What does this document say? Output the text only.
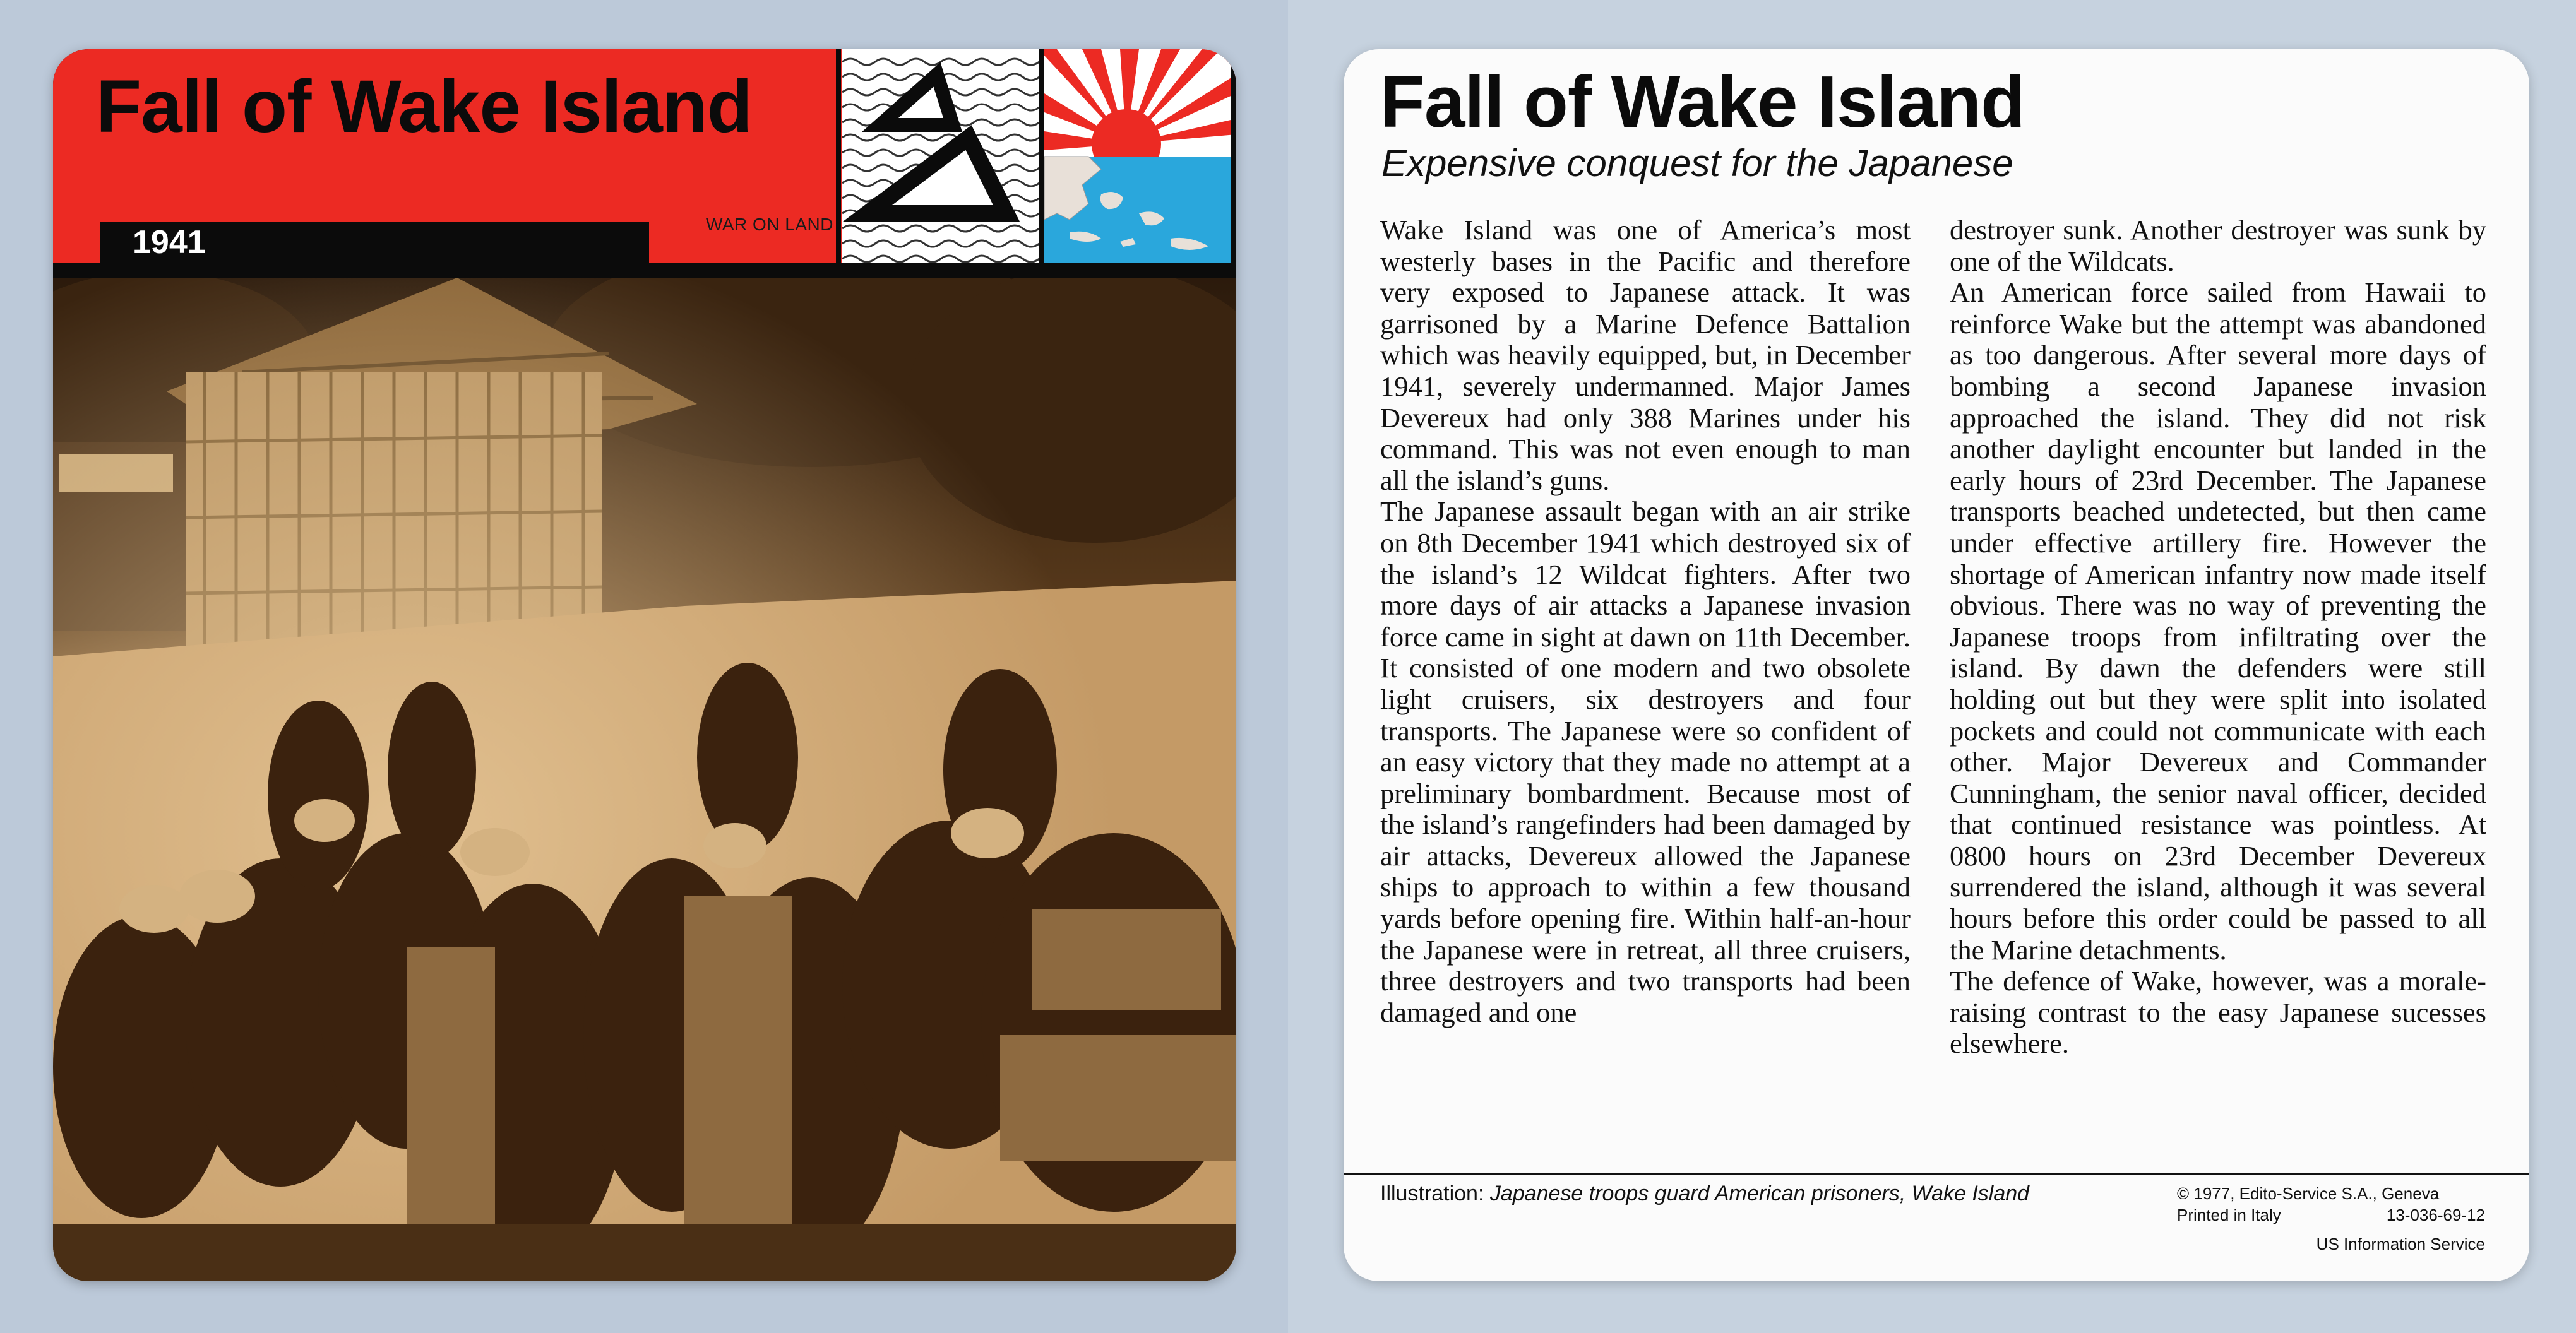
Fall of Wake Island
1941	WAR ON LAND
Fall of Wake Island
Expensive conquest for the Japanese

Wake Island was one of America’s most westerly bases in the Pacific and therefore very exposed to Japanese attack. It was garrisoned by a Marine Defence Battalion which was heavily equipped, but, in December 1941, severely undermanned. Major James Devereux had only 388 Marines under his command. This was not even enough to man all the island’s guns.

The Japanese assault began with an air strike on 8th December 1941 which destroyed six of the island’s 12 Wildcat fighters. After two more days of air attacks a Japanese invasion force came in sight at dawn on 11th December. It consisted of one modern and two obsolete light cruisers, six destroyers and four transports. The Japanese were so confident of an easy victory that they made no attempt at a preliminary bombardment. Because most of the island’s rangefinders had been damaged by air attacks, Devereux allowed the Japanese ships to approach to within a few thousand yards before opening fire. Within half-an-hour the Japanese were in retreat, all three cruisers, three destroyers and two transports had been damaged and one

destroyer sunk. Another destroyer was sunk by one of the Wildcats.

An American force sailed from Hawaii to reinforce Wake but the attempt was abandoned as too dangerous. After several more days of bombing a second Japanese invasion approached the island. They did not risk another daylight encounter but landed in the early hours of 23rd December. The Japanese transports beached undetected, but then came under effective artillery fire. However the shortage of American infantry now made itself obvious. There was no way of preventing the Japanese troops from infiltrating over the island. By dawn the defenders were still holding out but they were split into isolated pockets and could not communicate with each other. Major Devereux and Commander Cunningham, the senior naval officer, decided that continued resistance was pointless. At 0800 hours on 23rd December Devereux surrendered the island, although it was several hours before this order could be passed to all the Marine detachments.

The defence of Wake, however, was a morale-raising contrast to the easy Japanese sucesses elsewhere.

Illustration: Japanese troops guard American prisoners, Wake Island	© 1977, Edito-Service S.A., Geneva
Printed in Italy	13-036-69-12
US Information Service
